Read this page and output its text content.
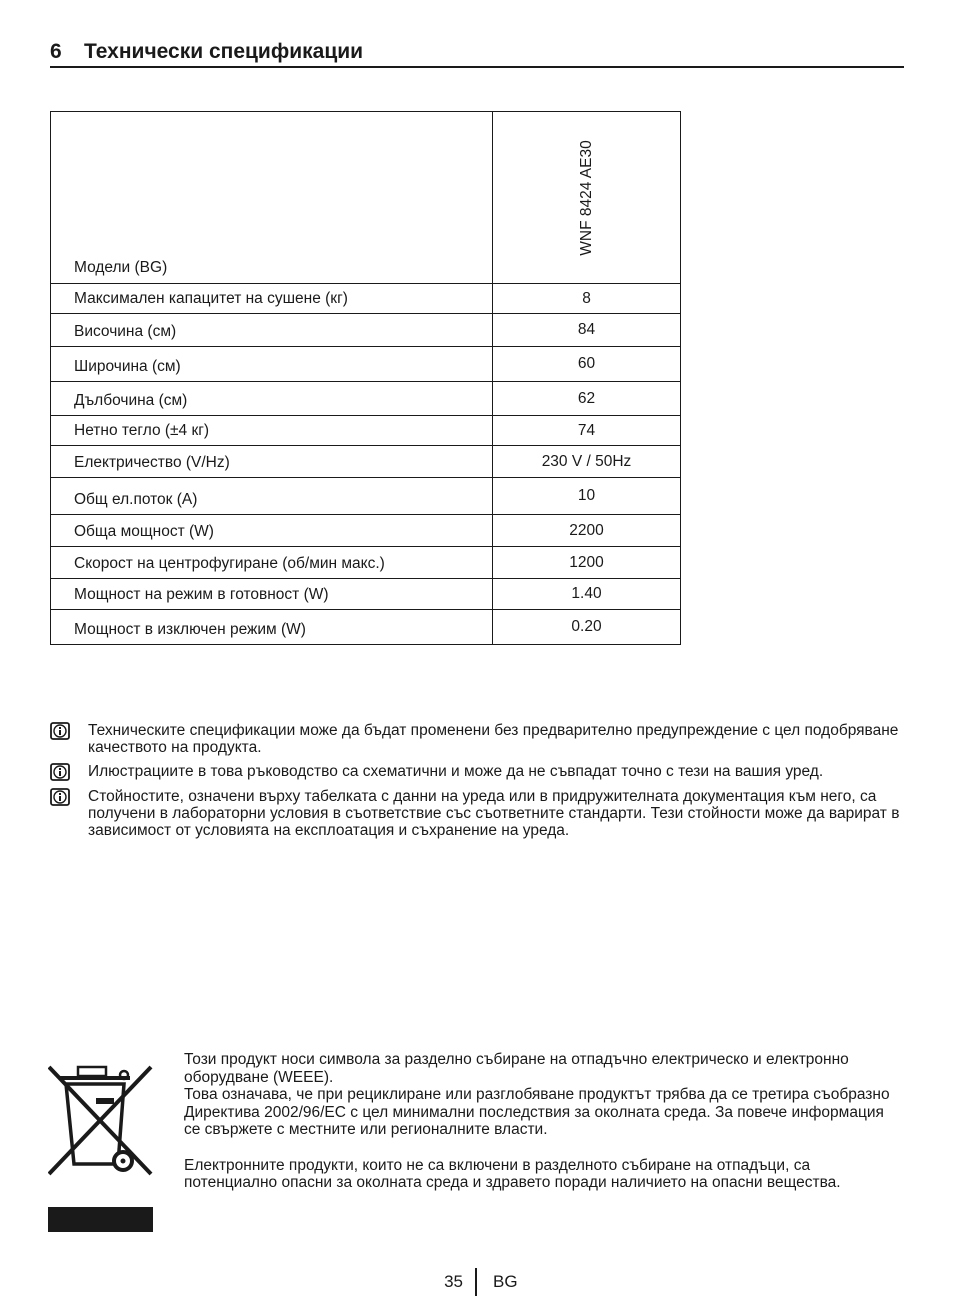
6 Технически спецификации
Модели (BG)	WNF 8424 AE30

Максимален капацитет на сушене (кг)	8
Височина (см)	84
Широчина (см)	60
Дълбочина (см)	62
Нетно тегло (±4 кг)	74
Електричество (V/Hz)	230 V / 50Hz
Общ ел.поток (A)	10
Обща мощност (W)	2200
Скорост на центрофугиране (об/мин макс.)	1200
Мощност на режим в готовност (W)	1.40
Мощност в изключен режим (W)	0.20

Техническите спецификации може да бъдат променени без предварително предупреждение с цел подобряване качеството на продукта.

Илюстрациите в това ръководство са схематични и може да не съвпадат точно с тези на вашия уред.

Стойностите, означени върху табелката с данни на уреда или в придружителната документация към него, са получени в лабораторни условия в съответствие със съответните стандарти. Тези стойности може да варират в зависимост от условията на експлоатация и съхранение на уреда.

Този продукт носи символа за разделно събиране на отпадъчно електрическо и електронно оборудване (WEEE).

Това означава, че при рециклиране или разглобяване продуктът трябва да се третира съобразно Директива 2002/96/ЕС с цел минимални последствия за околната среда. За повече информация се свържете с местните или регионалните власти.

Електронните продукти, които не са включени в разделното събиране на отпадъци, са потенциално опасни за околната среда и здравето поради наличието на опасни вещества.

35 BG
